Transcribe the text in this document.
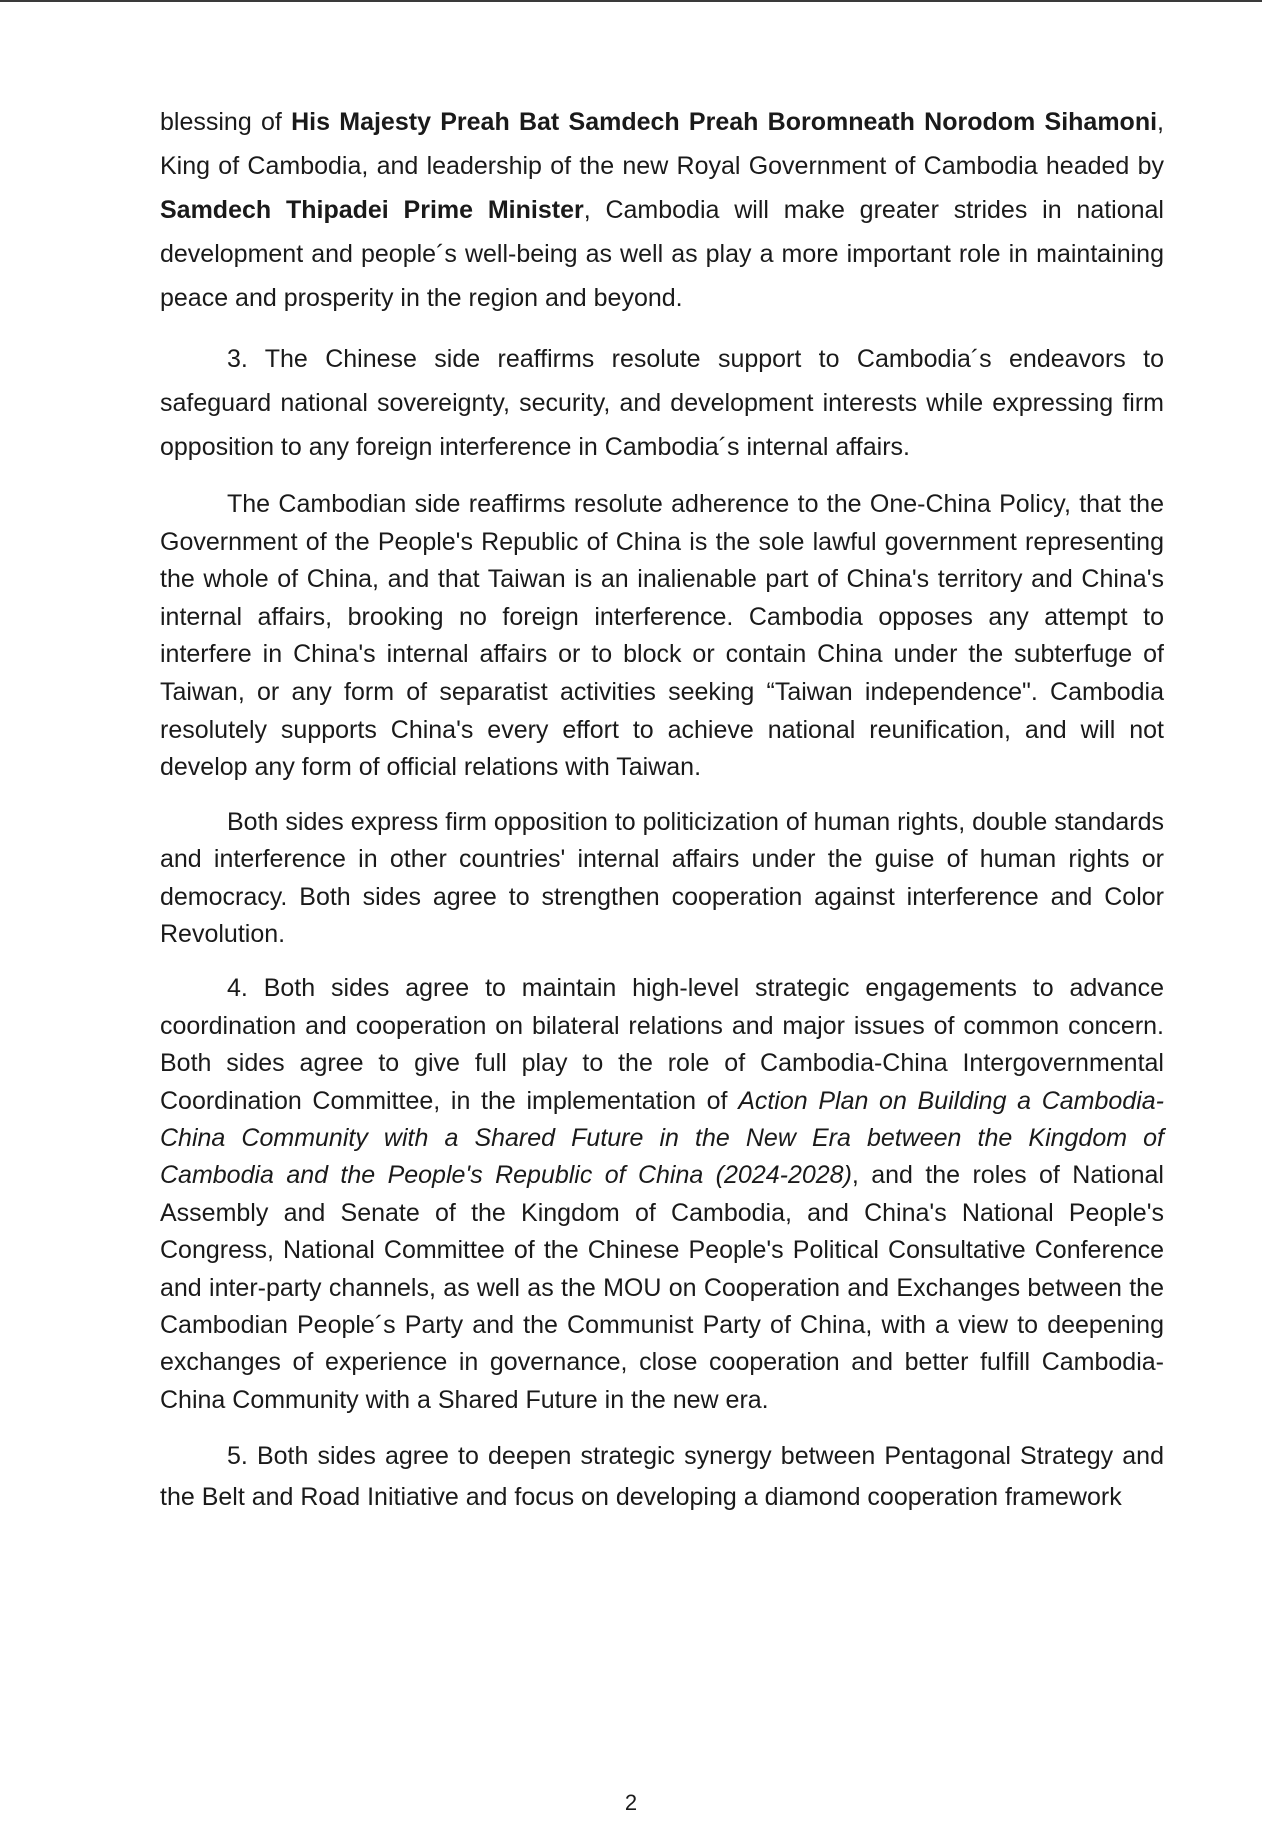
blessing of His Majesty Preah Bat Samdech Preah Boromneath Norodom Sihamoni, King of Cambodia, and leadership of the new Royal Government of Cambodia headed by Samdech Thipadei Prime Minister, Cambodia will make greater strides in national development and people´s well-being as well as play a more important role in maintaining peace and prosperity in the region and beyond.

3. The Chinese side reaffirms resolute support to Cambodia´s endeavors to safeguard national sovereignty, security, and development interests while expressing firm opposition to any foreign interference in Cambodia´s internal affairs.

The Cambodian side reaffirms resolute adherence to the One-China Policy, that the Government of the People's Republic of China is the sole lawful government representing the whole of China, and that Taiwan is an inalienable part of China's territory and China's internal affairs, brooking no foreign interference. Cambodia opposes any attempt to interfere in China's internal affairs or to block or contain China under the subterfuge of Taiwan, or any form of separatist activities seeking “Taiwan independence". Cambodia resolutely supports China's every effort to achieve national reunification, and will not develop any form of official relations with Taiwan.

Both sides express firm opposition to politicization of human rights, double standards and interference in other countries' internal affairs under the guise of human rights or democracy. Both sides agree to strengthen cooperation against interference and Color Revolution.

4. Both sides agree to maintain high-level strategic engagements to advance coordination and cooperation on bilateral relations and major issues of common concern. Both sides agree to give full play to the role of Cambodia-China Intergovernmental Coordination Committee, in the implementation of Action Plan on Building a Cambodia-China Community with a Shared Future in the New Era between the Kingdom of Cambodia and the People's Republic of China (2024-2028), and the roles of National Assembly and Senate of the Kingdom of Cambodia, and China's National People's Congress, National Committee of the Chinese People's Political Consultative Conference and inter-party channels, as well as the MOU on Cooperation and Exchanges between the Cambodian People´s Party and the Communist Party of China, with a view to deepening exchanges of experience in governance, close cooperation and better fulfill Cambodia-China Community with a Shared Future in the new era.

5. Both sides agree to deepen strategic synergy between Pentagonal Strategy and the Belt and Road Initiative and focus on developing a diamond cooperation framework

2
